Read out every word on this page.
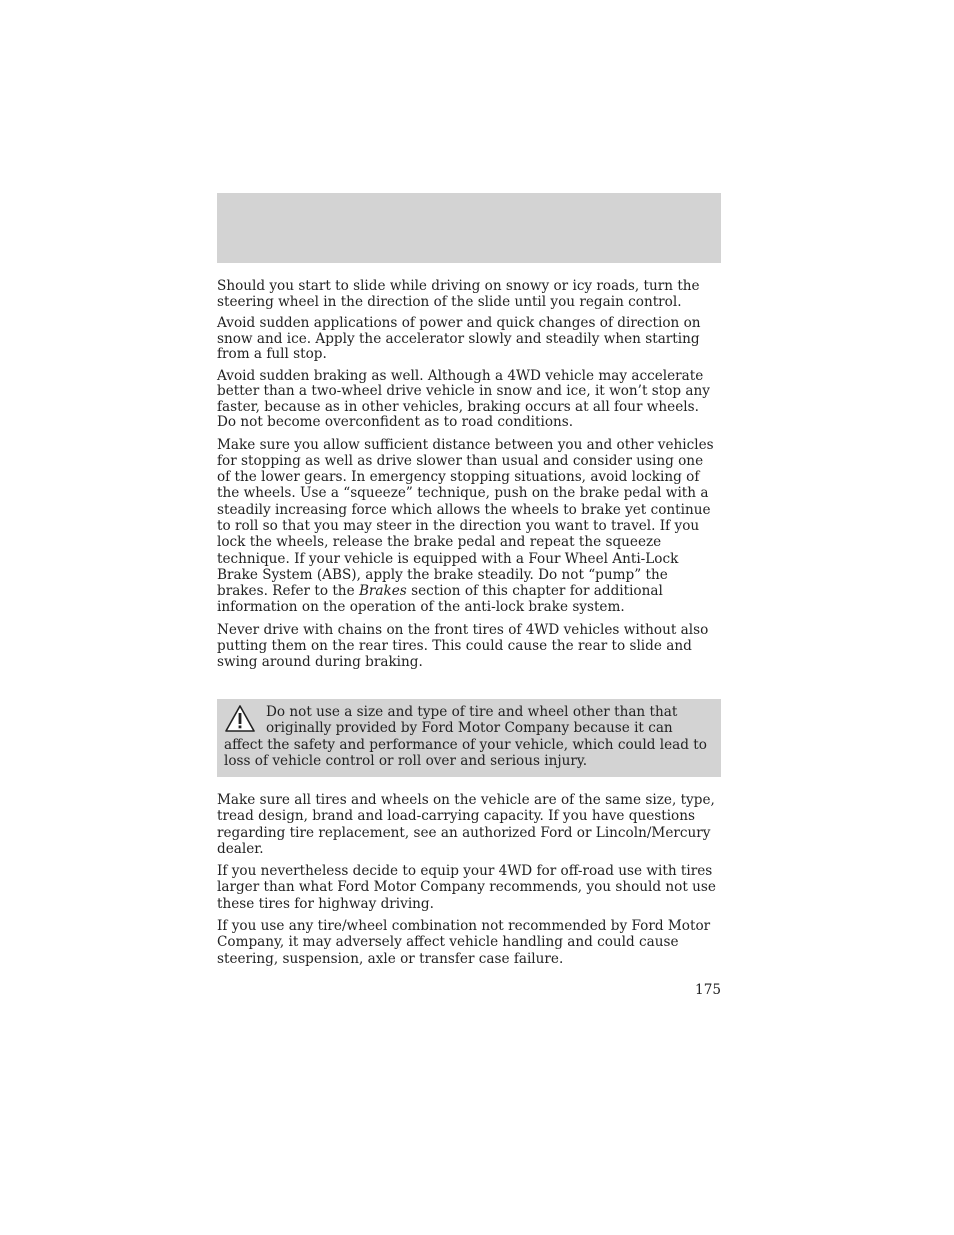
Should you start to slide while driving on snowy or icy roads, turn the steering wheel in the direction of the slide until you regain control.

Avoid sudden applications of power and quick changes of direction on snow and ice. Apply the accelerator slowly and steadily when starting from a full stop.

Avoid sudden braking as well. Although a 4WD vehicle may accelerate better than a two-wheel drive vehicle in snow and ice, it won’t stop any faster, because as in other vehicles, braking occurs at all four wheels. Do not become overconfident as to road conditions.

Make sure you allow sufficient distance between you and other vehicles for stopping as well as drive slower than usual and consider using one of the lower gears. In emergency stopping situations, avoid locking of the wheels. Use a “squeeze” technique, push on the brake pedal with a steadily increasing force which allows the wheels to brake yet continue to roll so that you may steer in the direction you want to travel. If you lock the wheels, release the brake pedal and repeat the squeeze technique. If your vehicle is equipped with a Four Wheel Anti-Lock Brake System (ABS), apply the brake steadily. Do not “pump” the brakes. Refer to the Brakes section of this chapter for additional information on the operation of the anti-lock brake system.

Never drive with chains on the front tires of 4WD vehicles without also putting them on the rear tires. This could cause the rear to slide and swing around during braking.

Do not use a size and type of tire and wheel other than that originally provided by Ford Motor Company because it can affect the safety and performance of your vehicle, which could lead to loss of vehicle control or roll over and serious injury.

Make sure all tires and wheels on the vehicle are of the same size, type, tread design, brand and load-carrying capacity. If you have questions regarding tire replacement, see an authorized Ford or Lincoln/Mercury dealer.

If you nevertheless decide to equip your 4WD for off-road use with tires larger than what Ford Motor Company recommends, you should not use these tires for highway driving.

If you use any tire/wheel combination not recommended by Ford Motor Company, it may adversely affect vehicle handling and could cause steering, suspension, axle or transfer case failure.

175
